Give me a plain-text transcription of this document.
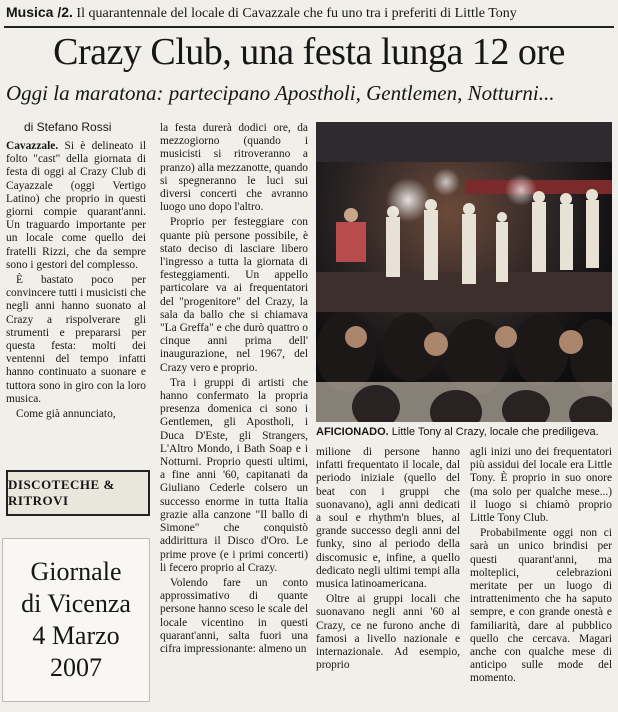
Musica /2. Il quarantennale del locale di Cavazzale che fu uno tra i preferiti di Little Tony
Crazy Club, una festa lunga 12 ore
Oggi la maratona: partecipano Apostholi, Gentlemen, Notturni...
di Stefano Rossi

Cavazzale. Si è delineato il folto "cast" della giornata di festa di oggi al Crazy Club di Cayazzale (oggi Vertigo Latino) che proprio in questi giorni compie quarant'anni. Un traguardo importante per un locale come quello dei fratelli Rizzi, che da sempre sono i gestori del complesso.

È bastato poco per convincere tutti i musicisti che negli anni hanno suonato al Crazy a rispolverare gli strumenti e prepararsi per questa festa: molti dei ventenni del tempo infatti hanno continuato a suonare e tuttora sono in giro con la loro musica.

Come già annunciato,

la festa durerà dodici ore, da mezzogiorno (quando i musicisti si ritroveranno a pranzo) alla mezzanotte, quando si spegneranno le luci sui diversi concerti che avranno luogo uno dopo l'altro.

Proprio per festeggiare con quante più persone possibile, è stato deciso di lasciare libero l'ingresso a tutta la giornata di festeggiamenti. Un appello particolare va ai frequentatori del "progenitore" del Crazy, la sala da ballo che si chiamava "La Greffa" e che durò quattro o cinque anni prima dell' inaugurazione, nel 1967, del Crazy vero e proprio.

Tra i gruppi di artisti che hanno confermato la propria presenza domenica ci sono i Gentlemen, gli Apostholi, i Duca D'Este, gli Strangers, L'Altro Mondo, i Bath Soap e i Notturni. Proprio questi ultimi, a fine anni '60, capitanati da Giuliano Cederle colsero un successo enorme in tutta Italia grazie alla canzone "Il ballo di Simone" che conquistò addirittura il Disco d'Oro. Le prime prove (e i primi concerti) li fecero proprio al Crazy.

Volendo fare un conto approssimativo di quante persone hanno sceso le scale del locale vicentino in questi quarant'anni, salta fuori una cifra impressionante: almeno un

AFICIONADO. Little Tony al Crazy, locale che prediligeva.
DISCOTECHE & RITROVI
Giornale
di Vicenza
4 Marzo
2007

milione di persone hanno infatti frequentato il locale, dal periodo iniziale (quello del beat con i gruppi che suonavano), agli anni dedicati a soul e rhythm'n blues, al grande successo degli anni del funky, sino al periodo della discomusic e, infine, a quello dedicato negli ultimi tempi alla musica latinoamericana.

Oltre ai gruppi locali che suonavano negli anni '60 al Crazy, ce ne furono anche di famosi a livello nazionale e internazionale. Ad esempio, proprio

agli inizi uno dei frequentatori più assidui del locale era Little Tony. È proprio in suo onore (ma solo per qualche mese...) il luogo si chiamò proprio Little Tony Club.

Probabilmente oggi non ci sarà un unico brindisi per questi quarant'anni, ma molteplici, celebrazioni meritate per un luogo di intrattenimento che ha saputo sempre, e con grande onestà e familiarità, dare al pubblico quello che cercava. Magari anche con qualche mese di anticipo sulle mode del momento.
